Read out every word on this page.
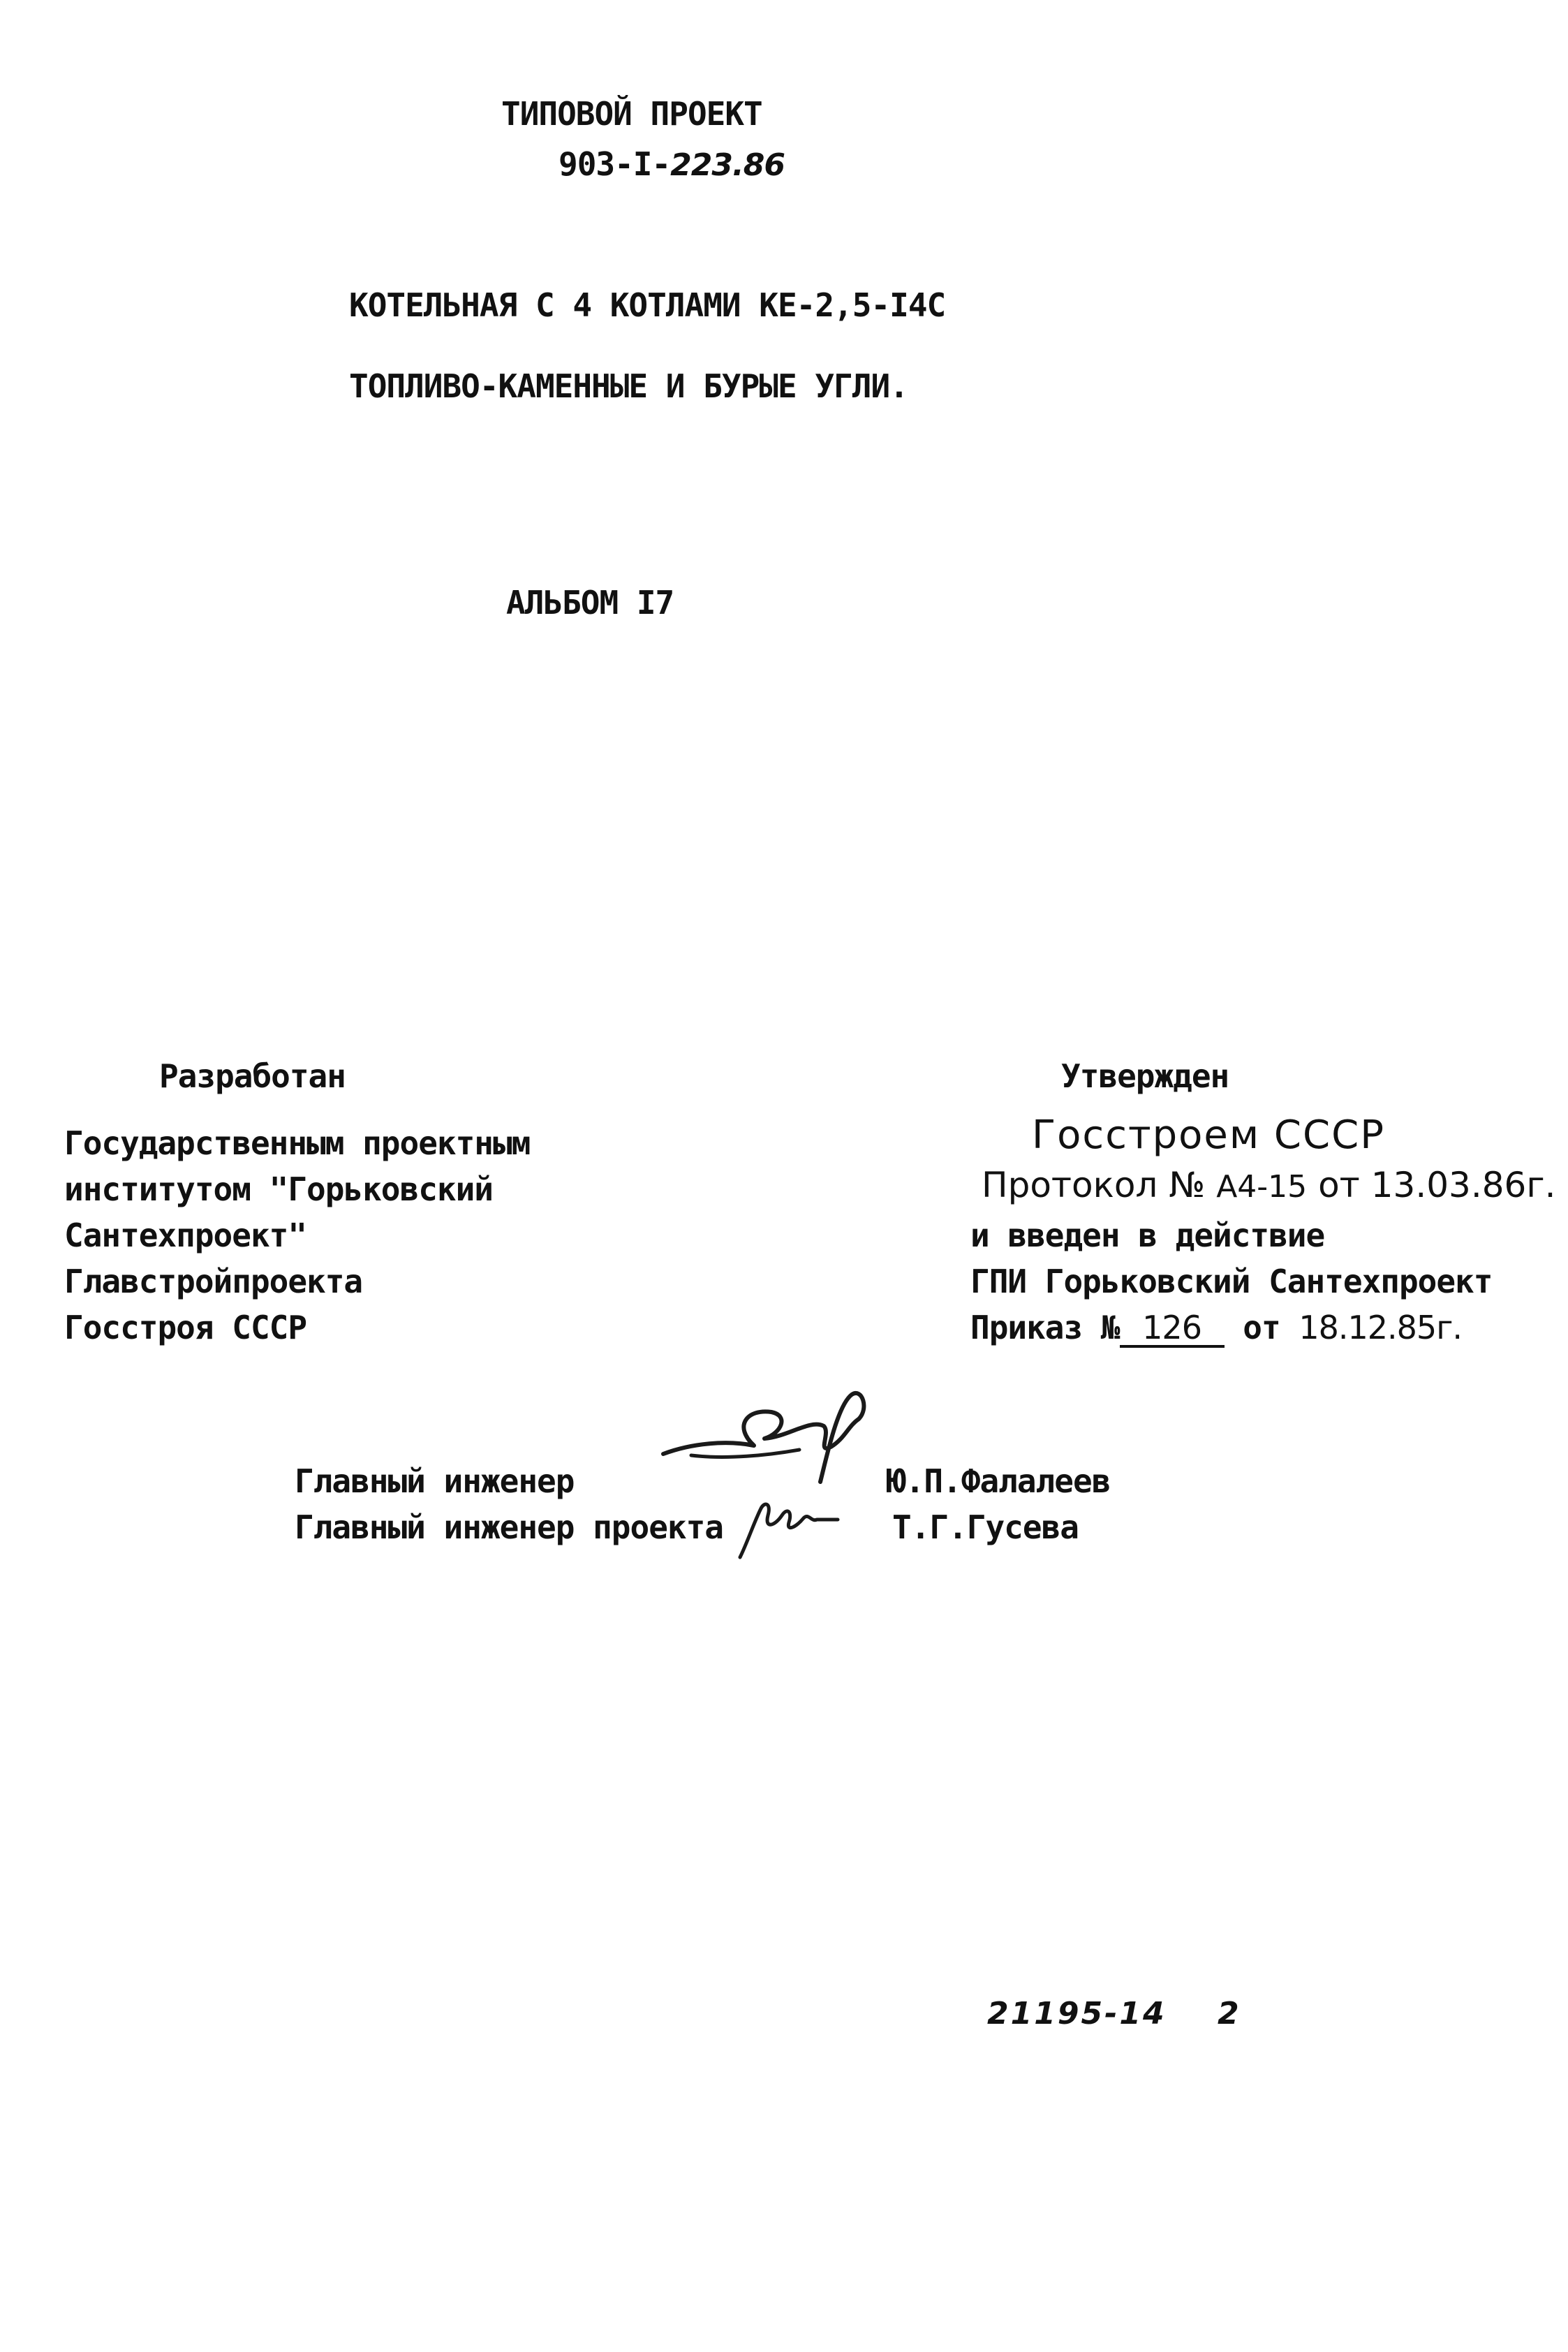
ТИПОВОЙ ПРОЕКТ
903-I-223.86
КОТЕЛЬНАЯ С 4 КОТЛАМИ КЕ-2,5-I4С
ТОПЛИВО-КАМЕННЫЕ И БУРЫЕ УГЛИ.
АЛЬБОМ I7
Разработан
Государственным проектным
институтом "Горьковский
Сантехпроект"
Главстройпроекта
Госстроя СССР
Утвержден
Госстроем СССР
Протокол № А4-15 от 13.03.86г.
и введен в действие
ГПИ Горьковский Сантехпроект
Приказ № 126 от 18.12.85г.
Главный инженер	Ю.П.Фалалеев
Главный инженер проекта	Т.Г.Гусева
21195-14 2
